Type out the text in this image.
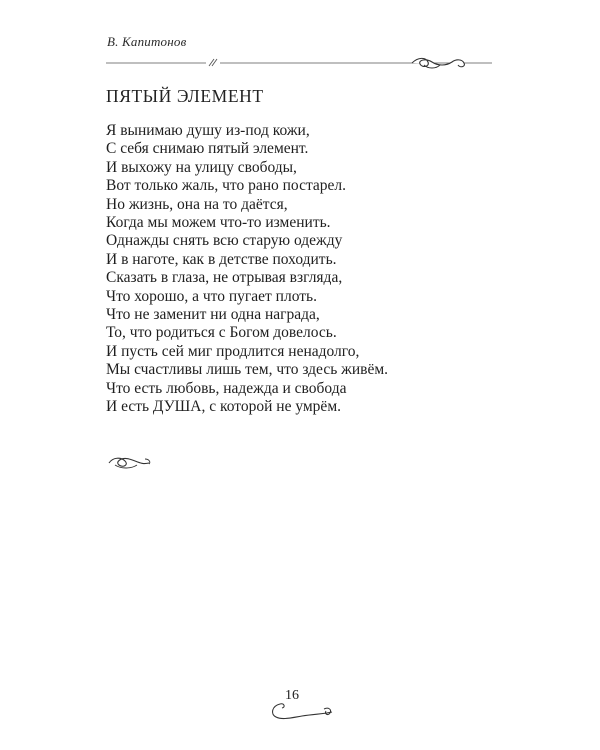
В. Капитонов
ПЯТЫЙ ЭЛЕМЕНТ
Я вынимаю душу из-под кожи,
С себя снимаю пятый элемент.
И выхожу на улицу свободы,
Вот только жаль, что рано постарел.
Но жизнь, она на то даётся,
Когда мы можем что-то изменить.
Однажды снять всю старую одежду
И в наготе, как в детстве походить.
Сказать в глаза, не отрывая взгляда,
Что хорошо, а что пугает плоть.
Что не заменит ни одна награда,
То, что родиться с Богом довелось.
И пусть сей миг продлится ненадолго,
Мы счастливы лишь тем, что здесь живём.
Что есть любовь, надежда и свобода
И есть ДУША, с которой не умрём.
16
